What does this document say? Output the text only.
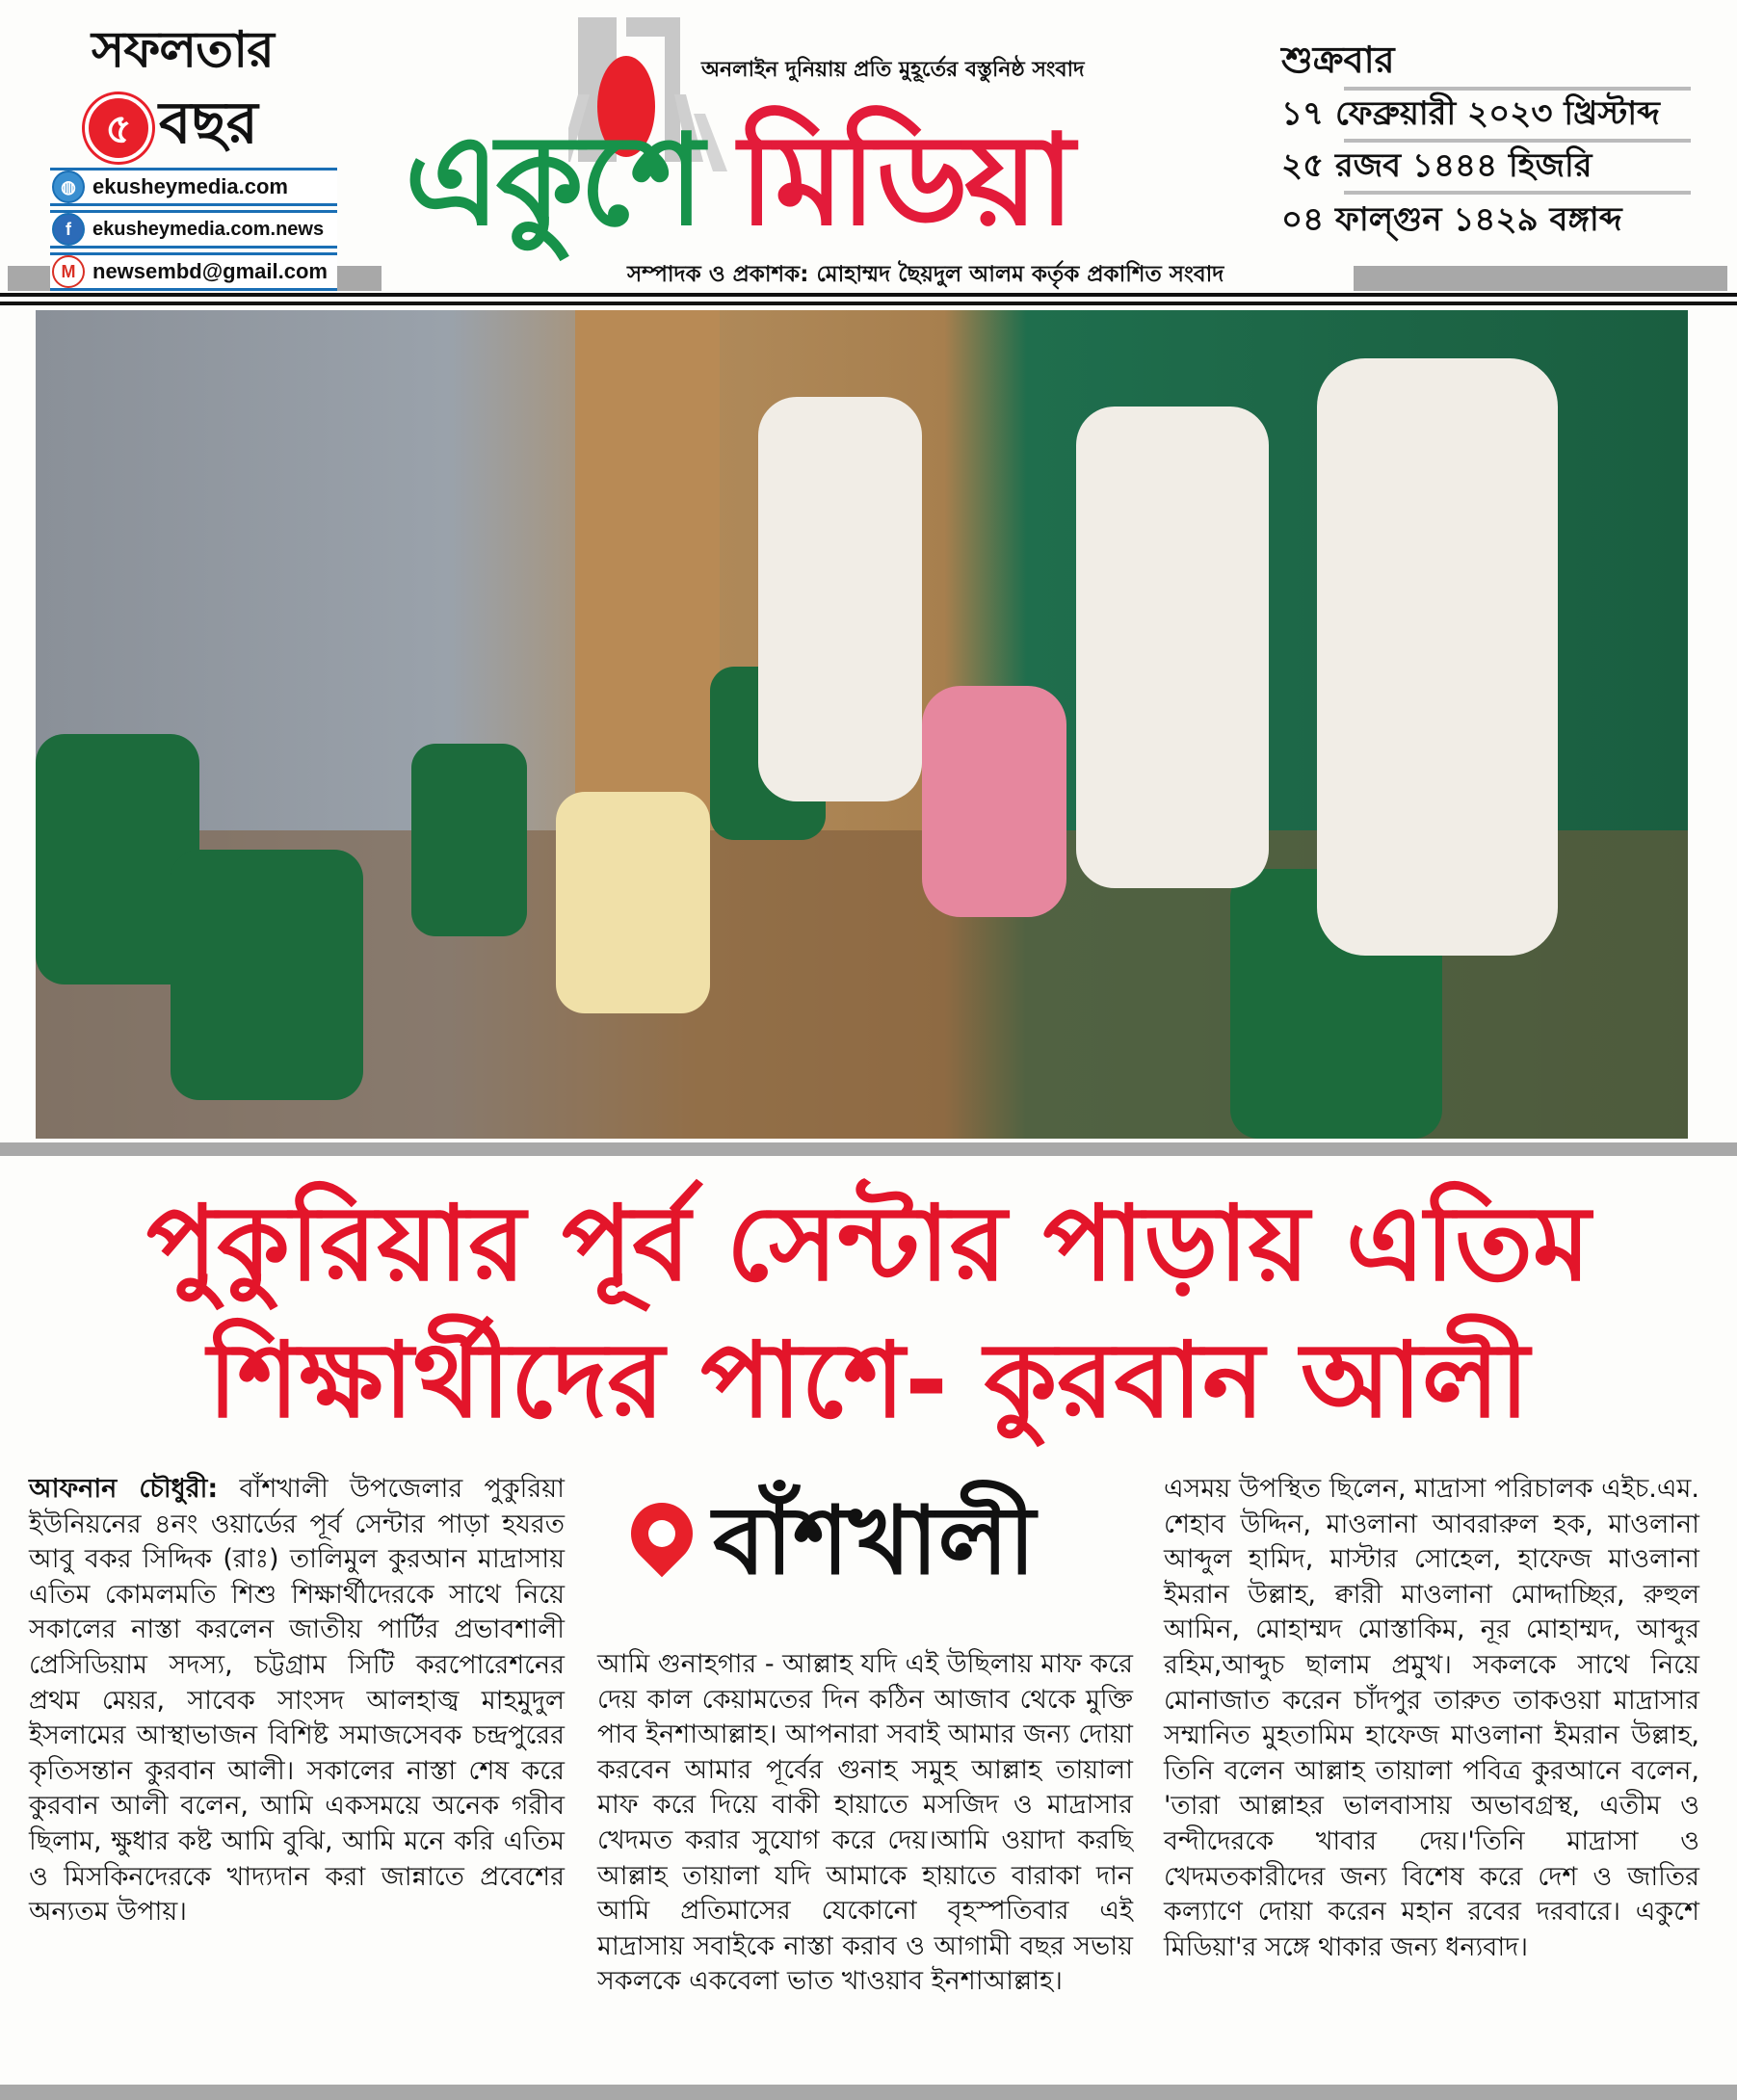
সফলতার
৫ বছর
◍ ekusheymedia.com
f	ekusheymedia.com.news
M newsembd@gmail.com
অনলাইন দুনিয়ায় প্রতি মুহূর্তের বস্তুনিষ্ঠ সংবাদ
একুশে মিডিয়া
সম্পাদক ও প্রকাশক: মোহাম্মদ ছৈয়দুল আলম কর্তৃক প্রকাশিত সংবাদ
শুক্রবার
১৭ ফেব্রুয়ারী ২০২৩ খ্রিস্টাব্দ
২৫ রজব ১৪৪৪ হিজরি
০৪ ফাল্গুন ১৪২৯ বঙ্গাব্দ
পুকুরিয়ার পূর্ব সেন্টার পাড়ায় এতিম
শিক্ষার্থীদের পাশে- কুরবান আলী
আফনান চৌধুরী: বাঁশখালী উপজেলার পুকুরিয়া ইউনিয়নের ৪নং ওয়ার্ডের পূর্ব সেন্টার পাড়া হযরত আবু বকর সিদ্দিক (রাঃ) তালিমুল কুরআন মাদ্রাসায় এতিম কোমলমতি শিশু শিক্ষার্থীদেরকে সাথে নিয়ে সকালের নাস্তা করলেন জাতীয় পার্টির প্রভাবশালী প্রেসিডিয়াম সদস্য, চট্টগ্রাম সিটি করপোরেশনের প্রথম মেয়র, সাবেক সাংসদ আলহাজ্ব মাহমুদুল ইসলামের আস্থাভাজন বিশিষ্ট সমাজসেবক চন্দ্রপুরের কৃতিসন্তান কুরবান আলী। সকালের নাস্তা শেষ করে কুরবান আলী বলেন, আমি একসময়ে অনেক গরীব ছিলাম, ক্ষুধার কষ্ট আমি বুঝি, আমি মনে করি এতিম ও মিসকিনদেরকে খাদ্যদান করা জান্নাতে প্রবেশের অন্যতম উপায়।
বাঁশখালী
আমি গুনাহগার - আল্লাহ যদি এই উছিলায় মাফ করে দেয় কাল কেয়ামতের দিন কঠিন আজাব থেকে মুক্তি পাব ইনশাআল্লাহ। আপনারা সবাই আমার জন্য দোয়া করবেন আমার পূর্বের গুনাহ সমুহ আল্লাহ তায়ালা মাফ করে দিয়ে বাকী হায়াতে মসজিদ ও মাদ্রাসার খেদমত করার সুযোগ করে দেয়।আমি ওয়াদা করছি আল্লাহ তায়ালা যদি আমাকে হায়াতে বারাকা দান আমি প্রতিমাসের যেকোনো বৃহস্পতিবার এই মাদ্রাসায় সবাইকে নাস্তা করাব ও আগামী বছর সভায় সকলকে একবেলা ভাত খাওয়াব ইনশাআল্লাহ।
এসময় উপস্থিত ছিলেন, মাদ্রাসা পরিচালক এইচ.এম. শেহাব উদ্দিন, মাওলানা আবরারুল হক, মাওলানা আব্দুল হামিদ, মাস্টার সোহেল, হাফেজ মাওলানা ইমরান উল্লাহ, ক্বারী মাওলানা মোদ্দাচ্ছির, রুহুল আমিন, মোহাম্মদ মোস্তাকিম, নূর মোহাম্মদ, আব্দুর রহিম,আব্দুচ ছালাম প্রমুখ। সকলকে সাথে নিয়ে মোনাজাত করেন চাঁদপুর তারুত তাকওয়া মাদ্রাসার সম্মানিত মুহতামিম হাফেজ মাওলানা ইমরান উল্লাহ, তিনি বলেন আল্লাহ তায়ালা পবিত্র কুরআনে বলেন, 'তারা আল্লাহর ভালবাসায় অভাবগ্রস্থ, এতীম ও বন্দীদেরকে খাবার দেয়।'তিনি মাদ্রাসা ও খেদমতকারীদের জন্য বিশেষ করে দেশ ও জাতির কল্যাণে দোয়া করেন মহান রবের দরবারে। একুশে মিডিয়া'র সঙ্গে থাকার জন্য ধন্যবাদ।
